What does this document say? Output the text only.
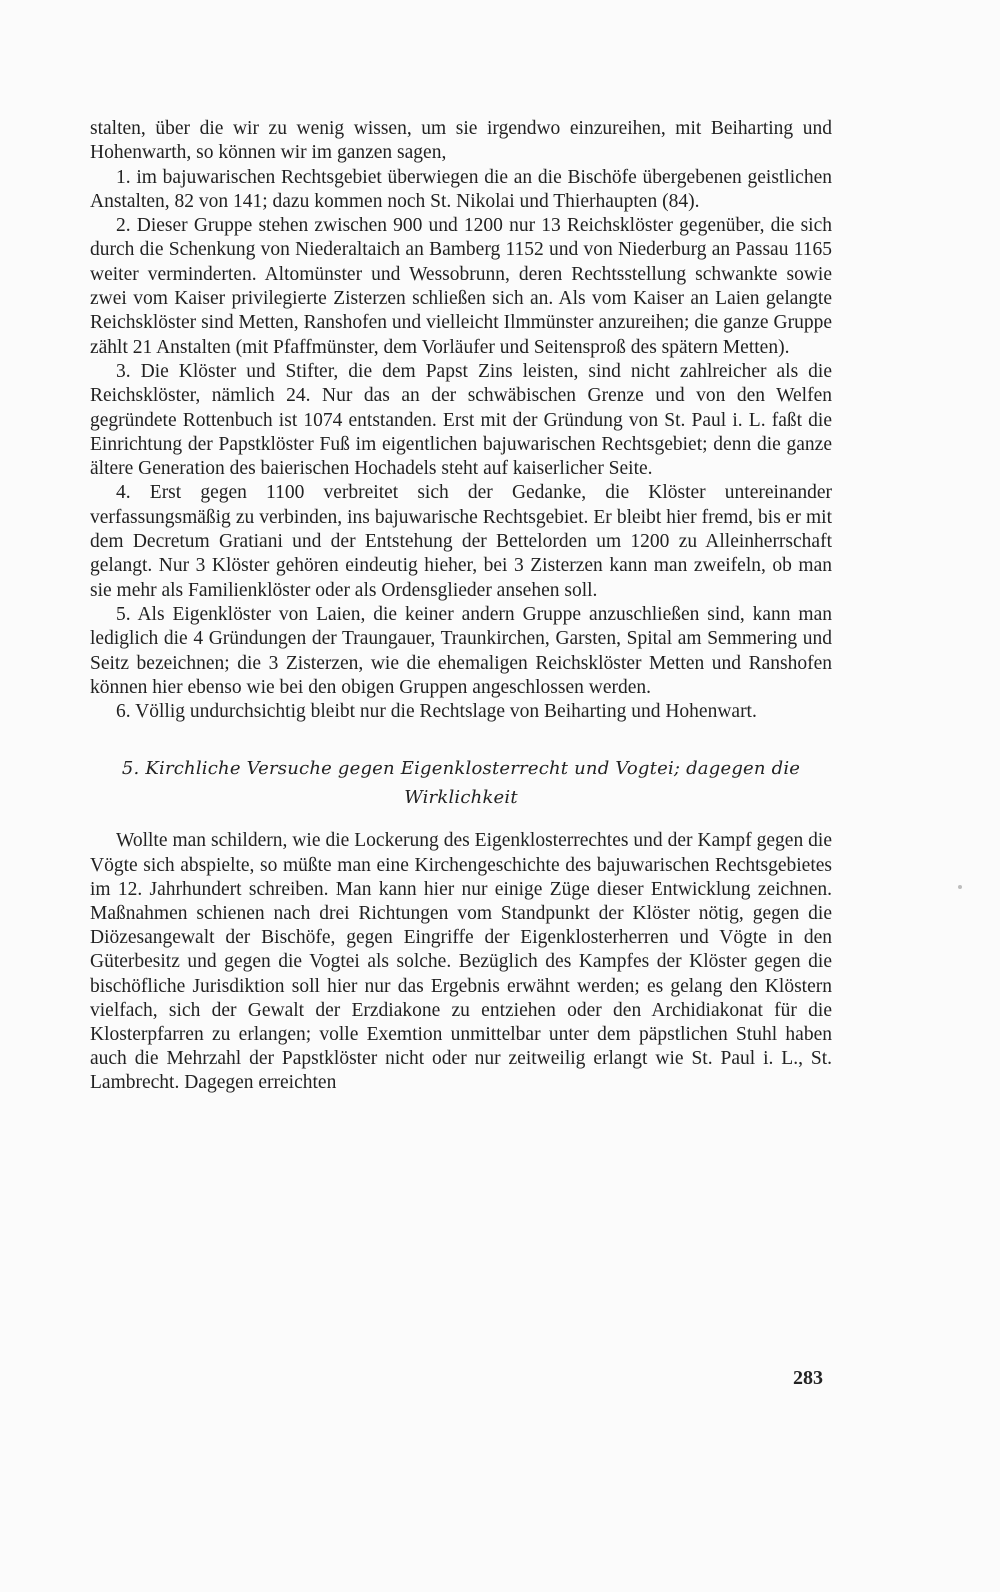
stalten, über die wir zu wenig wissen, um sie irgendwo einzureihen, mit Beiharting und Hohenwarth, so können wir im ganzen sagen,

1. im bajuwarischen Rechtsgebiet überwiegen die an die Bischöfe übergebenen geistlichen Anstalten, 82 von 141; dazu kommen noch St. Nikolai und Thierhaupten (84).

2. Dieser Gruppe stehen zwischen 900 und 1200 nur 13 Reichsklöster gegenüber, die sich durch die Schenkung von Niederaltaich an Bamberg 1152 und von Niederburg an Passau 1165 weiter verminderten. Altomünster und Wessobrunn, deren Rechtsstellung schwankte sowie zwei vom Kaiser privilegierte Zisterzen schließen sich an. Als vom Kaiser an Laien gelangte Reichsklöster sind Metten, Ranshofen und vielleicht Ilmmünster anzureihen; die ganze Gruppe zählt 21 Anstalten (mit Pfaffmünster, dem Vorläufer und Seitensproß des spätern Metten).

3. Die Klöster und Stifter, die dem Papst Zins leisten, sind nicht zahlreicher als die Reichsklöster, nämlich 24. Nur das an der schwäbischen Grenze und von den Welfen gegründete Rottenbuch ist 1074 entstanden. Erst mit der Gründung von St. Paul i. L. faßt die Einrichtung der Papstklöster Fuß im eigentlichen bajuwarischen Rechtsgebiet; denn die ganze ältere Generation des baierischen Hochadels steht auf kaiserlicher Seite.

4. Erst gegen 1100 verbreitet sich der Gedanke, die Klöster untereinander verfassungsmäßig zu verbinden, ins bajuwarische Rechtsgebiet. Er bleibt hier fremd, bis er mit dem Decretum Gratiani und der Entstehung der Bettelorden um 1200 zu Alleinherrschaft gelangt. Nur 3 Klöster gehören eindeutig hieher, bei 3 Zisterzen kann man zweifeln, ob man sie mehr als Familienklöster oder als Ordensglieder ansehen soll.

5. Als Eigenklöster von Laien, die keiner andern Gruppe anzuschließen sind, kann man lediglich die 4 Gründungen der Traungauer, Traunkirchen, Garsten, Spital am Semmering und Seitz bezeichnen; die 3 Zisterzen, wie die ehemaligen Reichsklöster Metten und Ranshofen können hier ebenso wie bei den obigen Gruppen angeschlossen werden.

6. Völlig undurchsichtig bleibt nur die Rechtslage von Beiharting und Hohenwart.

5. Kirchliche Versuche gegen Eigenklosterrecht und Vogtei; dagegen die
Wirklichkeit

Wollte man schildern, wie die Lockerung des Eigenklosterrechtes und der Kampf gegen die Vögte sich abspielte, so müßte man eine Kirchengeschichte des bajuwarischen Rechtsgebietes im 12. Jahrhundert schreiben. Man kann hier nur einige Züge dieser Entwicklung zeichnen. Maßnahmen schienen nach drei Richtungen vom Standpunkt der Klöster nötig, gegen die Diözesangewalt der Bischöfe, gegen Eingriffe der Eigenklosterherren und Vögte in den Güterbesitz und gegen die Vogtei als solche. Bezüglich des Kampfes der Klöster gegen die bischöfliche Jurisdiktion soll hier nur das Ergebnis erwähnt werden; es gelang den Klöstern vielfach, sich der Gewalt der Erzdiakone zu entziehen oder den Archidiakonat für die Klosterpfarren zu erlangen; volle Exemtion unmittelbar unter dem päpstlichen Stuhl haben auch die Mehrzahl der Papstklöster nicht oder nur zeitweilig erlangt wie St. Paul i. L., St. Lambrecht. Dagegen erreichten

283
